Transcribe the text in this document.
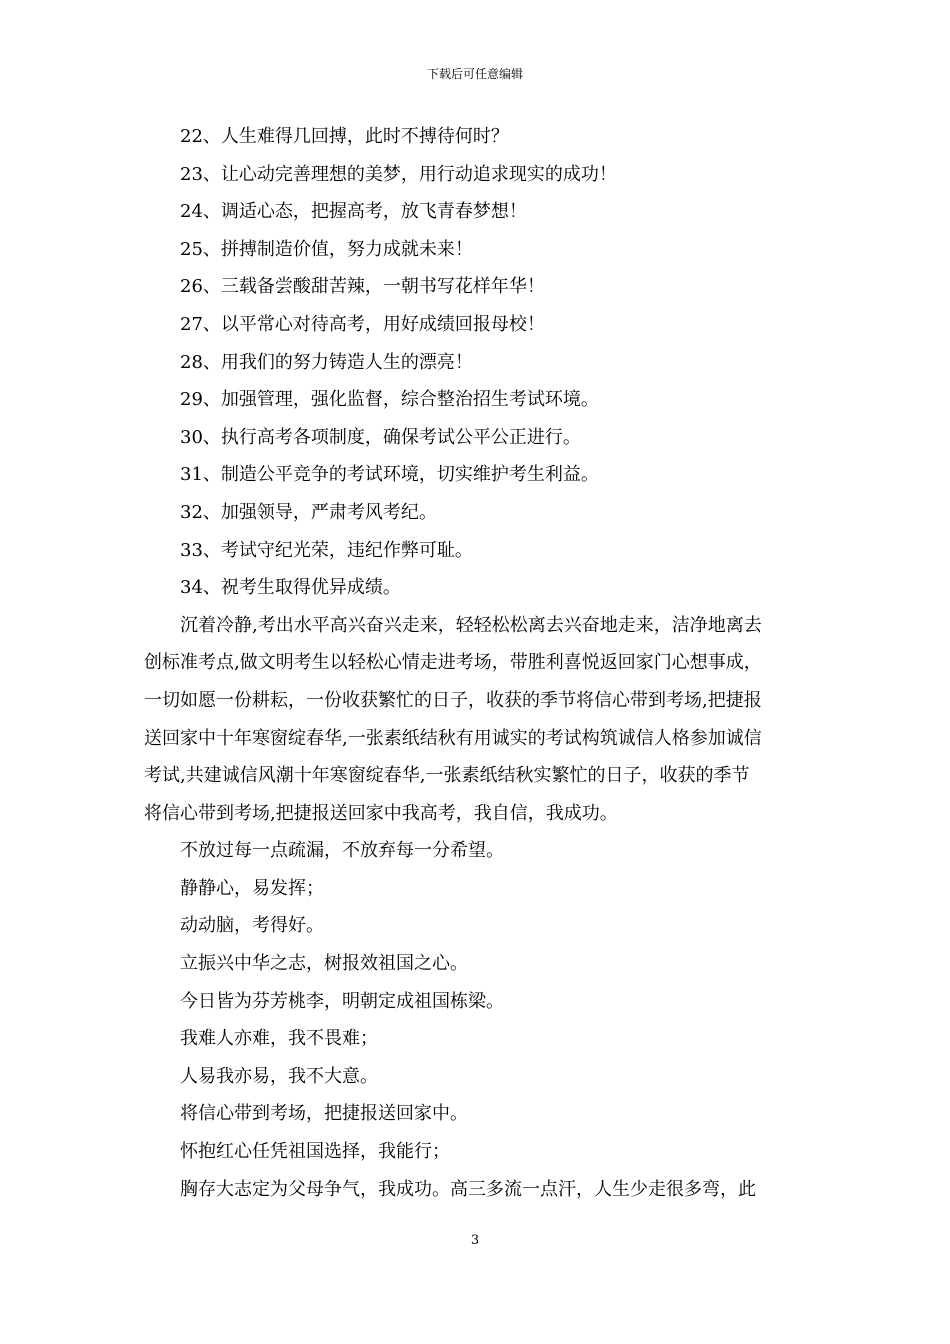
下载后可任意编辑
22、人生难得几回搏，此时不搏待何时？
23、让心动完善理想的美梦，用行动追求现实的成功！
24、调适心态，把握高考，放飞青春梦想！
25、拼搏制造价值，努力成就未来！
26、三载备尝酸甜苦辣，一朝书写花样年华！
27、以平常心对待高考，用好成绩回报母校！
28、用我们的努力铸造人生的漂亮！
29、加强管理，强化监督，综合整治招生考试环境。
30、执行高考各项制度，确保考试公平公正进行。
31、制造公平竞争的考试环境，切实维护考生利益。
32、加强领导，严肃考风考纪。
33、考试守纪光荣，违纪作弊可耻。
34、祝考生取得优异成绩。
沉着冷静,考出水平高兴奋兴走来，轻轻松松离去兴奋地走来，洁净地离去
创标准考点,做文明考生以轻松心情走进考场，带胜利喜悦返回家门心想事成，
一切如愿一份耕耘，一份收获繁忙的日子，收获的季节将信心带到考场,把捷报
送回家中十年寒窗绽春华,一张素纸结秋有用诚实的考试构筑诚信人格参加诚信
考试,共建诚信风潮十年寒窗绽春华,一张素纸结秋实繁忙的日子，收获的季节
将信心带到考场,把捷报送回家中我高考，我自信，我成功。
不放过每一点疏漏，不放弃每一分希望。
静静心，易发挥；
动动脑，考得好。
立振兴中华之志，树报效祖国之心。
今日皆为芬芳桃李，明朝定成祖国栋梁。
我难人亦难，我不畏难；
人易我亦易，我不大意。
将信心带到考场，把捷报送回家中。
怀抱红心任凭祖国选择，我能行；
胸存大志定为父母争气，我成功。高三多流一点汗，人生少走很多弯，此
3
